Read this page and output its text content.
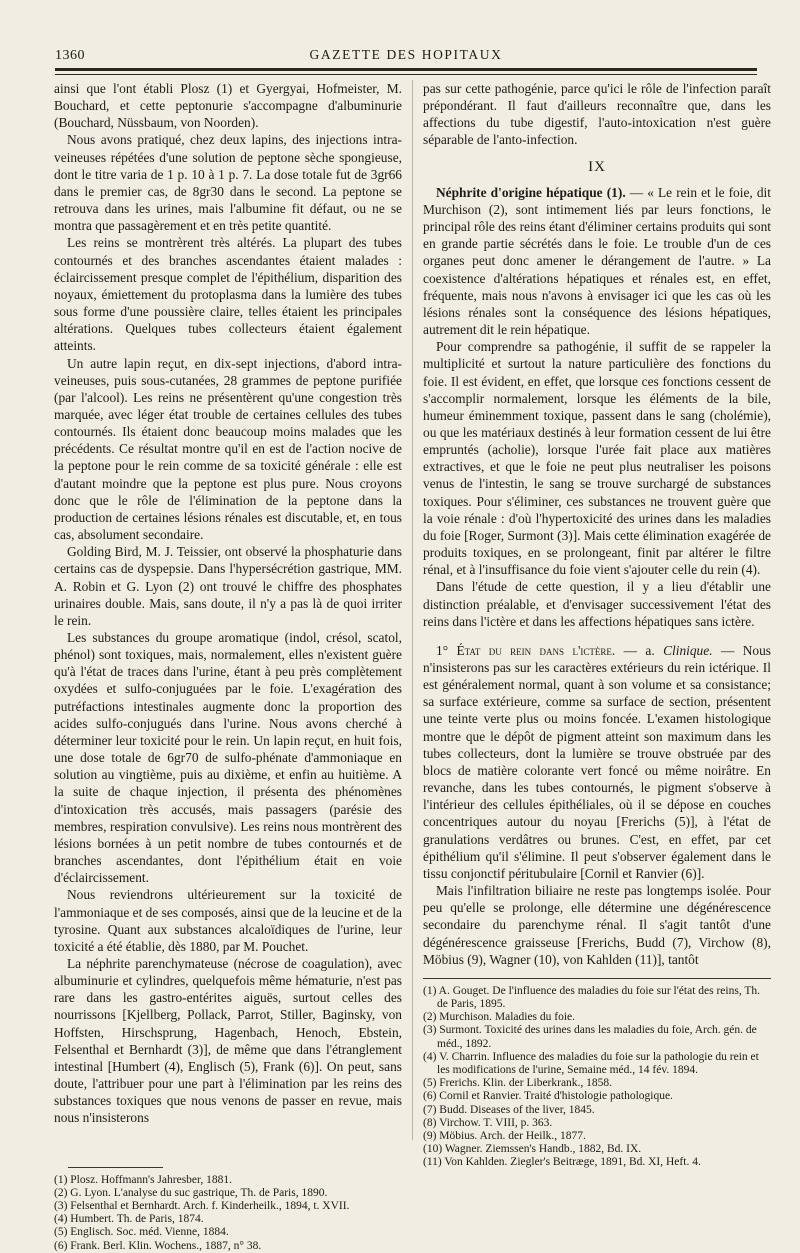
1360	GAZETTE DES HOPITAUX

ainsi que l'ont établi Plosz (1) et Gyergyai, Hofmeister, M. Bouchard, et cette peptonurie s'accompagne d'albuminurie (Bouchard, Nüssbaum, von Noorden).

Nous avons pratiqué, chez deux lapins, des injections intra-veineuses répétées d'une solution de peptone sèche spongieuse, dont le titre varia de 1 p. 10 à 1 p. 7. La dose totale fut de 3gr66 dans le premier cas, de 8gr30 dans le second. La peptone se retrouva dans les urines, mais l'albumine fit défaut, ou ne se montra que passagèrement et en très petite quantité.

Les reins se montrèrent très altérés. La plupart des tubes contournés et des branches ascendantes étaient malades : éclaircissement presque complet de l'épithélium, disparition des noyaux, émiettement du protoplasma dans la lumière des tubes sous forme d'une poussière claire, telles étaient les principales altérations. Quelques tubes collecteurs étaient également atteints.

Un autre lapin reçut, en dix-sept injections, d'abord intra-veineuses, puis sous-cutanées, 28 grammes de peptone purifiée (par l'alcool). Les reins ne présentèrent qu'une congestion très marquée, avec léger état trouble de certaines cellules des tubes contournés. Ils étaient donc beaucoup moins malades que les précédents. Ce résultat montre qu'il en est de l'action nocive de la peptone pour le rein comme de sa toxicité générale : elle est d'autant moindre que la peptone est plus pure. Nous croyons donc que le rôle de l'élimination de la peptone dans la production de certaines lésions rénales est discutable, et, en tous cas, absolument secondaire.

Golding Bird, M. J. Teissier, ont observé la phosphaturie dans certains cas de dyspepsie. Dans l'hypersécrétion gastrique, MM. A. Robin et G. Lyon (2) ont trouvé le chiffre des phosphates urinaires double. Mais, sans doute, il n'y a pas là de quoi irriter le rein.

Les substances du groupe aromatique (indol, crésol, scatol, phénol) sont toxiques, mais, normalement, elles n'existent guère qu'à l'état de traces dans l'urine, étant à peu près complètement oxydées et sulfo-conjuguées par le foie. L'exagération des putréfactions intestinales augmente donc la proportion des acides sulfo-conjugués dans l'urine. Nous avons cherché à déterminer leur toxicité pour le rein. Un lapin reçut, en huit fois, une dose totale de 6gr70 de sulfo-phénate d'ammoniaque en solution au vingtième, puis au dixième, et enfin au huitième. A la suite de chaque injection, il présenta des phénomènes d'intoxication très accusés, mais passagers (parésie des membres, respiration convulsive). Les reins nous montrèrent des lésions bornées à un petit nombre de tubes contournés et de branches ascendantes, dont l'épithélium était en voie d'éclaircissement.

Nous reviendrons ultérieurement sur la toxicité de l'ammoniaque et de ses composés, ainsi que de la leucine et de la tyrosine. Quant aux substances alcaloïdiques de l'urine, leur toxicité a été établie, dès 1880, par M. Pouchet.

La néphrite parenchymateuse (nécrose de coagulation), avec albuminurie et cylindres, quelquefois même hématurie, n'est pas rare dans les gastro-entérites aiguës, surtout celles des nourrissons [Kjellberg, Pollack, Parrot, Stiller, Baginsky, von Hoffsten, Hirschsprung, Hagenbach, Henoch, Ebstein, Felsenthal et Bernhardt (3)], de même que dans l'étranglement intestinal [Humbert (4), Englisch (5), Frank (6)]. On peut, sans doute, l'attribuer pour une part à l'élimination par les reins des substances toxiques que nous venons de passer en revue, mais nous n'insisterons

(1) Plosz. Hoffmann's Jahresber, 1881.

(2) G. Lyon. L'analyse du suc gastrique, Th. de Paris, 1890.

(3) Felsenthal et Bernhardt. Arch. f. Kinderheilk., 1894, t. XVII.

(4) Humbert. Th. de Paris, 1874.

(5) Englisch. Soc. méd. Vienne, 1884.

(6) Frank. Berl. Klin. Wochens., 1887, n° 38.

pas sur cette pathogénie, parce qu'ici le rôle de l'infection paraît prépondérant. Il faut d'ailleurs reconnaître que, dans les affections du tube digestif, l'auto-intoxication n'est guère séparable de l'anto-infection.

IX

Néphrite d'origine hépatique (1). — « Le rein et le foie, dit Murchison (2), sont intimement liés par leurs fonctions, le principal rôle des reins étant d'éliminer certains produits qui sont en grande partie sécrétés dans le foie. Le trouble d'un de ces organes peut donc amener le dérangement de l'autre. » La coexistence d'altérations hépatiques et rénales est, en effet, fréquente, mais nous n'avons à envisager ici que les cas où les lésions rénales sont la conséquence des lésions hépatiques, autrement dit le rein hépatique.

Pour comprendre sa pathogénie, il suffit de se rappeler la multiplicité et surtout la nature particulière des fonctions du foie. Il est évident, en effet, que lorsque ces fonctions cessent de s'accomplir normalement, lorsque les éléments de la bile, humeur éminemment toxique, passent dans le sang (cholémie), ou que les matériaux destinés à leur formation cessent de lui être empruntés (acholie), lorsque l'urée fait place aux matières extractives, et que le foie ne peut plus neutraliser les poisons venus de l'intestin, le sang se trouve surchargé de substances toxiques. Pour s'éliminer, ces substances ne trouvent guère que la voie rénale : d'où l'hypertoxicité des urines dans les maladies du foie [Roger, Surmont (3)]. Mais cette élimination exagérée de produits toxiques, en se prolongeant, finit par altérer le filtre rénal, et à l'insuffisance du foie vient s'ajouter celle du rein (4).

Dans l'étude de cette question, il y a lieu d'établir une distinction préalable, et d'envisager successivement l'état des reins dans l'ictère et dans les affections hépatiques sans ictère.

1° État du rein dans l'ictère. — a. Clinique. — Nous n'insisterons pas sur les caractères extérieurs du rein ictérique. Il est généralement normal, quant à son volume et sa consistance; sa surface extérieure, comme sa surface de section, présentent une teinte verte plus ou moins foncée. L'examen histologique montre que le dépôt de pigment atteint son maximum dans les tubes collecteurs, dont la lumière se trouve obstruée par des blocs de matière colorante vert foncé ou même noirâtre. En revanche, dans les tubes contournés, le pigment s'observe à l'intérieur des cellules épithéliales, où il se dépose en couches concentriques autour du noyau [Frerichs (5)], à l'état de granulations verdâtres ou brunes. C'est, en effet, par cet épithélium qu'il s'élimine. Il peut s'observer également dans le tissu conjonctif péritubulaire [Cornil et Ranvier (6)].

Mais l'infiltration biliaire ne reste pas longtemps isolée. Pour peu qu'elle se prolonge, elle détermine une dégénérescence secondaire du parenchyme rénal. Il s'agit tantôt d'une dégénérescence graisseuse [Frerichs, Budd (7), Virchow (8), Möbius (9), Wagner (10), von Kahlden (11)], tantôt

(1) A. Gouget. De l'influence des maladies du foie sur l'état des reins, Th. de Paris, 1895.

(2) Murchison. Maladies du foie.

(3) Surmont. Toxicité des urines dans les maladies du foie, Arch. gén. de méd., 1892.

(4) V. Charrin. Influence des maladies du foie sur la pathologie du rein et les modifications de l'urine, Semaine méd., 14 fév. 1894.

(5) Frerichs. Klin. der Liberkrank., 1858.

(6) Cornil et Ranvier. Traité d'histologie pathologique.

(7) Budd. Diseases of the liver, 1845.

(8) Virchow. T. VIII, p. 363.

(9) Möbius. Arch. der Heilk., 1877.

(10) Wagner. Ziemssen's Handb., 1882, Bd. IX.

(11) Von Kahlden. Ziegler's Beitræge, 1891, Bd. XI, Heft. 4.
